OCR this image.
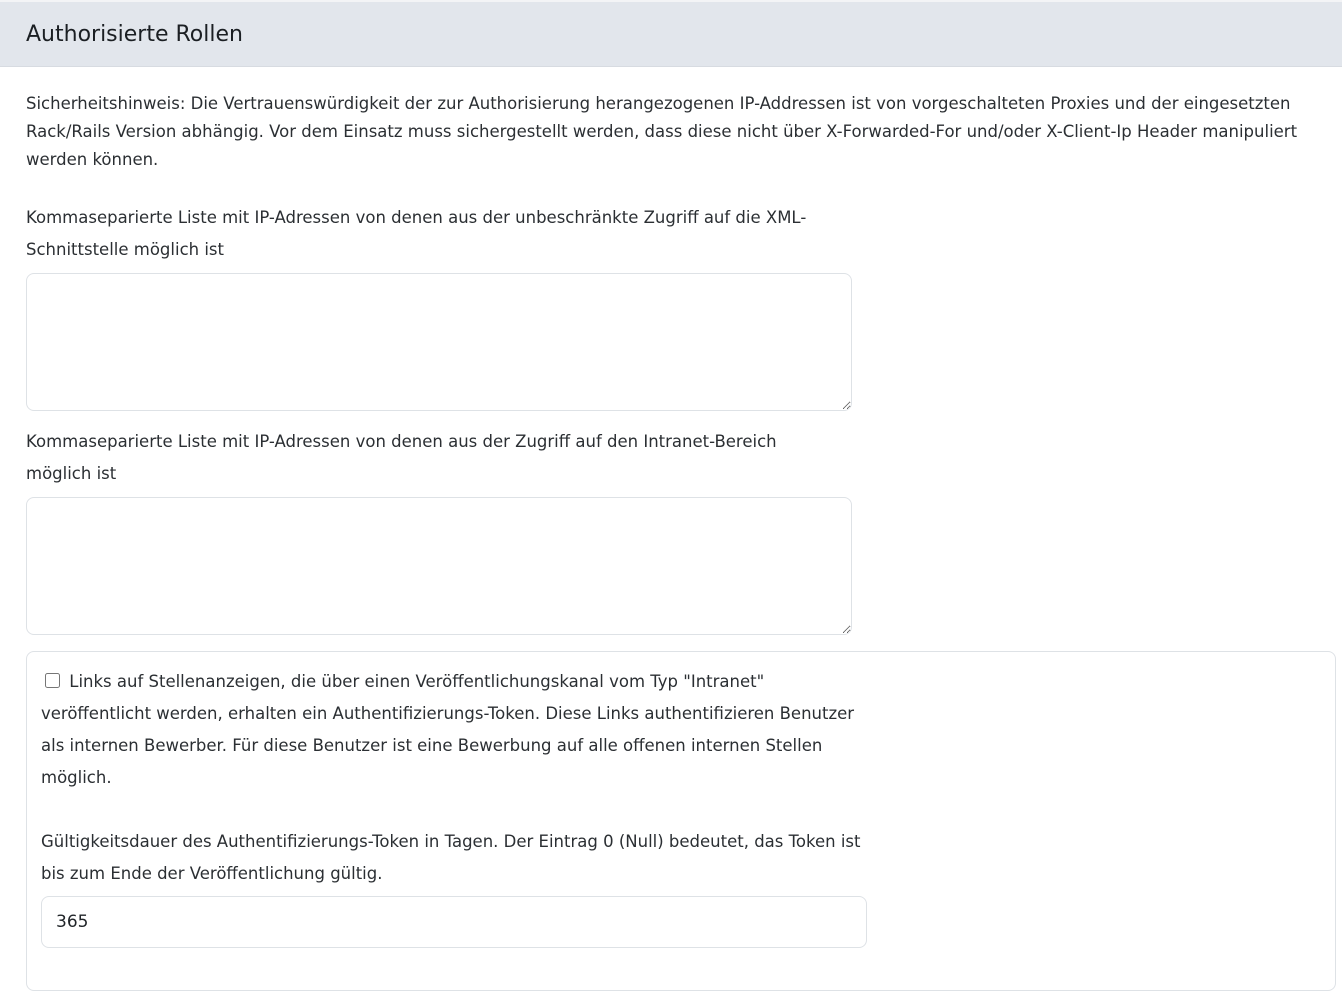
Authorisierte Rollen

Sicherheitshinweis: Die Vertrauenswürdigkeit der zur Authorisierung herangezogenen IP-Addressen ist von vorgeschalteten Proxies und der eingesetzten Rack/Rails Version abhängig. Vor dem Einsatz muss sichergestellt werden, dass diese nicht über X-Forwarded-For und/oder X-Client-Ip Header manipuliert werden können.

Kommaseparierte Liste mit IP-Adressen von denen aus der unbeschränkte Zugriff auf die XML-Schnittstelle möglich ist
Kommaseparierte Liste mit IP-Adressen von denen aus der Zugriff auf den Intranet-Bereich möglich ist
Links auf Stellenanzeigen, die über einen Veröffentlichungskanal vom Typ "Intranet" veröffentlicht werden, erhalten ein Authentifizierungs-Token. Diese Links authentifizieren Benutzer als internen Bewerber. Für diese Benutzer ist eine Bewerbung auf alle offenen internen Stellen möglich.
Gültigkeitsdauer des Authentifizierungs-Token in Tagen. Der Eintrag 0 (Null) bedeutet, das Token ist bis zum Ende der Veröffentlichung gültig.
365
